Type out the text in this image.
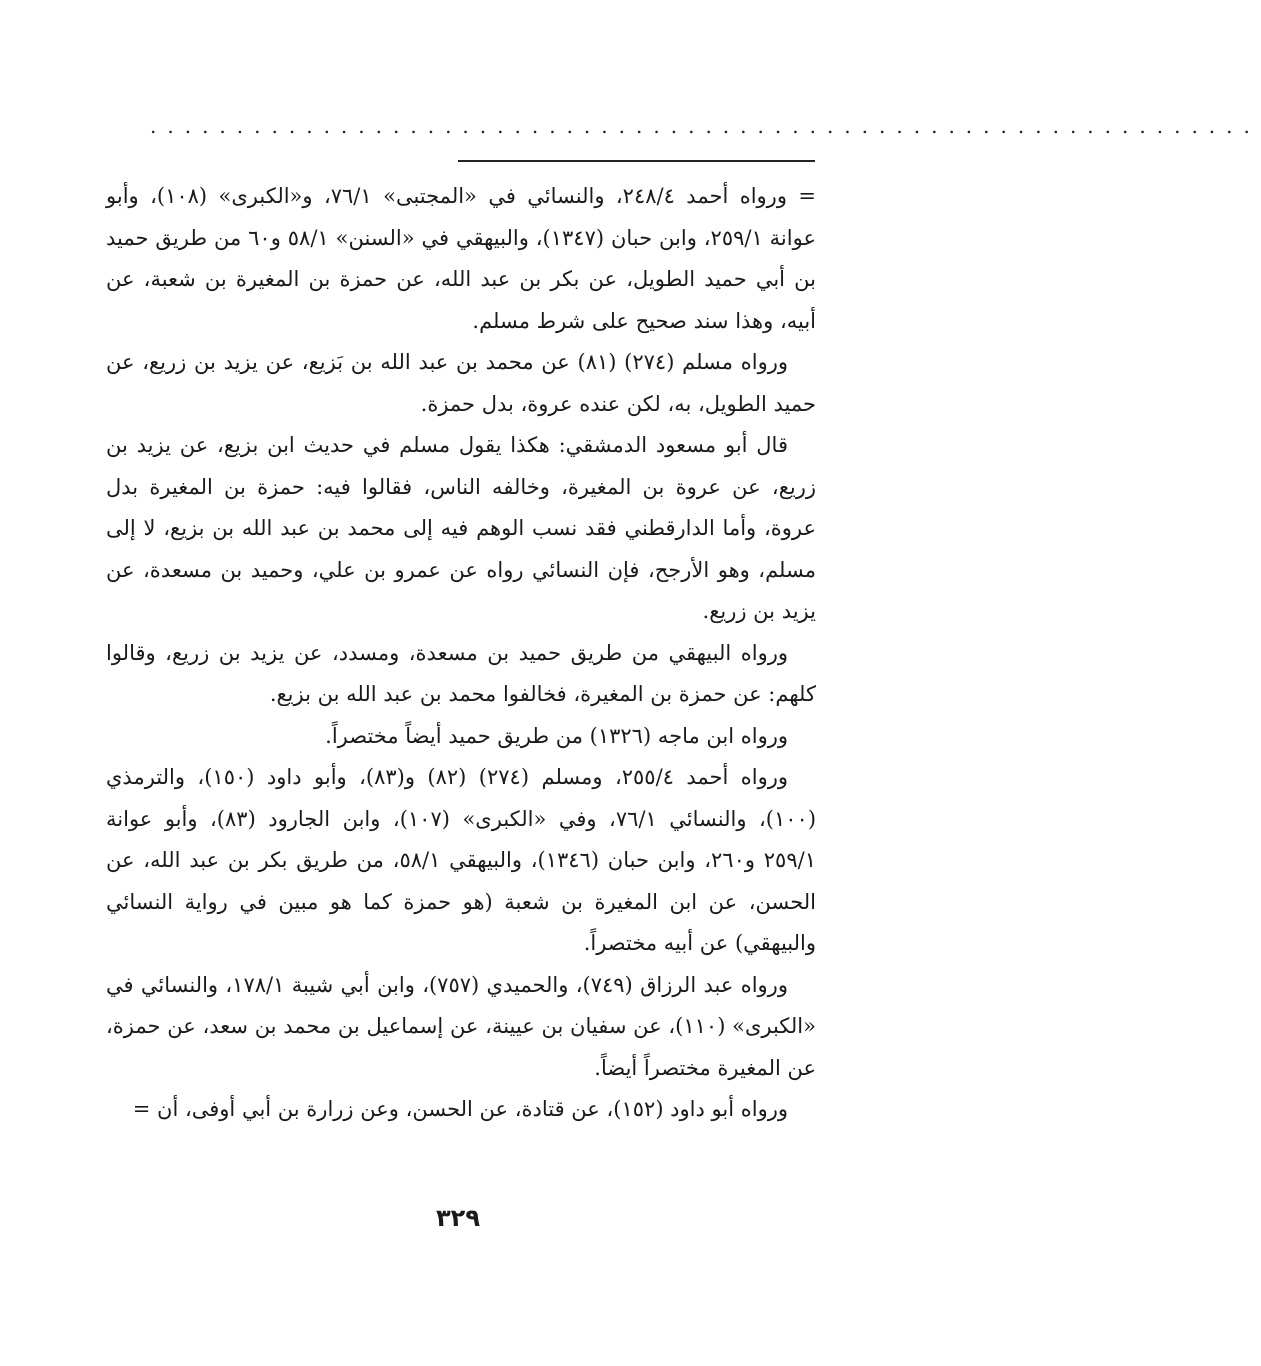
................................................................

= ورواه أحمد ٢٤٨/٤، والنسائي في «المجتبى» ٧٦/١، و«الكبرى» (١٠٨)، وأبو عوانة ٢٥٩/١، وابن حبان (١٣٤٧)، والبيهقي في «السنن» ٥٨/١ و٦٠ من طريق حميد بن أبي حميد الطويل، عن بكر بن عبد الله، عن حمزة بن المغيرة بن شعبة، عن أبيه، وهذا سند صحيح على شرط مسلم.

ورواه مسلم (٢٧٤) (٨١) عن محمد بن عبد الله بن بَزيع، عن يزيد بن زريع، عن حميد الطويل، به، لكن عنده عروة، بدل حمزة.

قال أبو مسعود الدمشقي: هكذا يقول مسلم في حديث ابن بزيع، عن يزيد بن زريع، عن عروة بن المغيرة، وخالفه الناس، فقالوا فيه: حمزة بن المغيرة بدل عروة، وأما الدارقطني فقد نسب الوهم فيه إلى محمد بن عبد الله بن بزيع، لا إلى مسلم، وهو الأرجح، فإن النسائي رواه عن عمرو بن علي، وحميد بن مسعدة، عن يزيد بن زريع.

ورواه البيهقي من طريق حميد بن مسعدة، ومسدد، عن يزيد بن زريع، وقالوا كلهم: عن حمزة بن المغيرة، فخالفوا محمد بن عبد الله بن بزيع.

ورواه ابن ماجه (١٣٢٦) من طريق حميد أيضاً مختصراً.

ورواه أحمد ٢٥٥/٤، ومسلم (٢٧٤) (٨٢) و(٨٣)، وأبو داود (١٥٠)، والترمذي (١٠٠)، والنسائي ٧٦/١، وفي «الكبرى» (١٠٧)، وابن الجارود (٨٣)، وأبو عوانة ٢٥٩/١ و٢٦٠، وابن حبان (١٣٤٦)، والبيهقي ٥٨/١، من طريق بكر بن عبد الله، عن الحسن، عن ابن المغيرة بن شعبة (هو حمزة كما هو مبين في رواية النسائي والبيهقي) عن أبيه مختصراً.

ورواه عبد الرزاق (٧٤٩)، والحميدي (٧٥٧)، وابن أبي شيبة ١٧٨/١، والنسائي في «الكبرى» (١١٠)، عن سفيان بن عيينة، عن إسماعيل بن محمد بن سعد، عن حمزة، عن المغيرة مختصراً أيضاً.

ورواه أبو داود (١٥٢)، عن قتادة، عن الحسن، وعن زرارة بن أبي أوفى، أن =

٣٢٩
